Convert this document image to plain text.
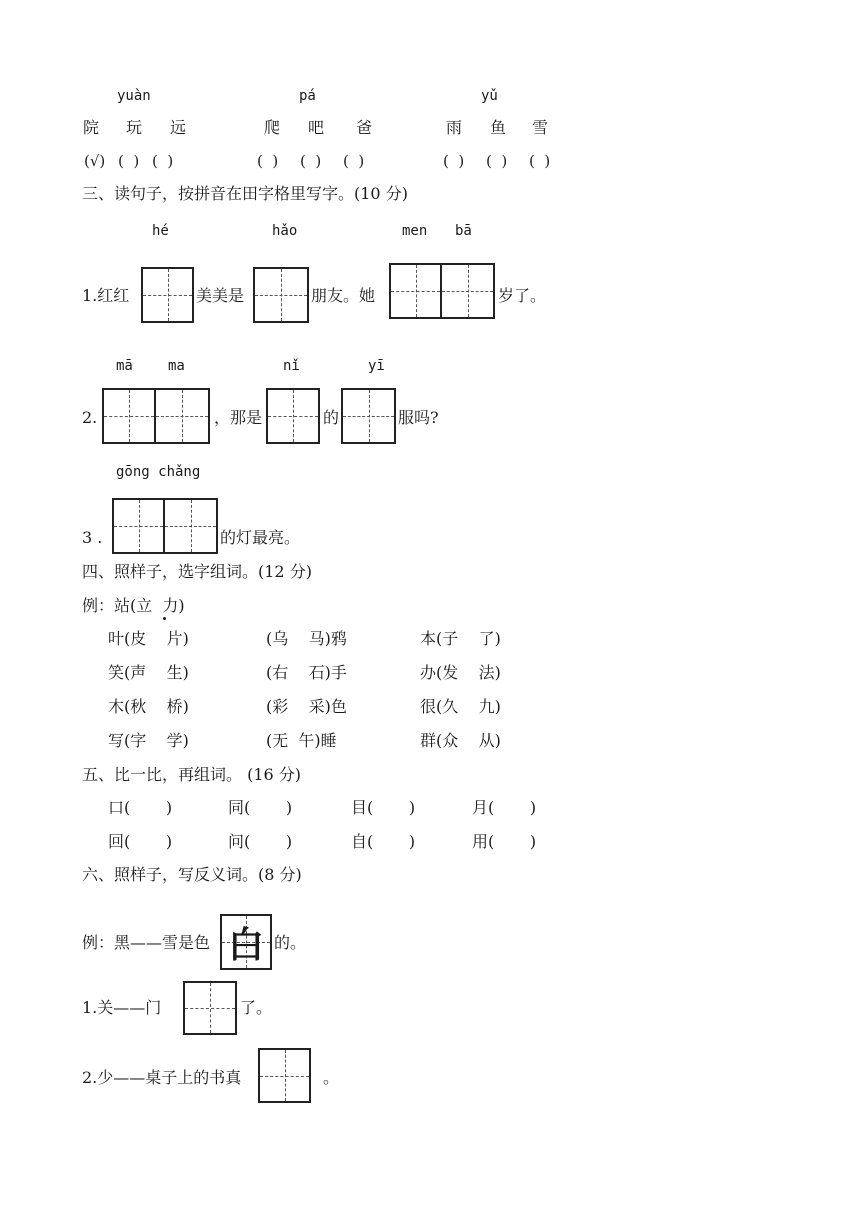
yuàn	pá	yǔ
院 玩 远	爬 吧 爸	雨 鱼 雪
(√) (  ) (  )	(  ) (  ) (  )	(  ) (  ) (  )
三、读句子，按拼音在田字格里写字。(10 分)
hé	hǎo	men bā
1.红红	美美是	朋友。她	岁了。
mā	ma	nǐ	yī
2.	，那是	的	服吗?
gōng chǎng
3 .	的灯最亮。
四、照样子，选字组词。(12 分)
例：站(立  力)
叶(皮    片)	(乌    马)鸦	本(子    了)
笑(声    生)	(右    石)手	办(发    法)
木(秋    桥)	(彩    采)色	很(久    九)
写(字    学)	(无  午)睡	群(众    从)
五、比一比，再组词。 (16 分)
口(       )	同(       )	目(       )	月(       )
回(       )	问(       )	自(       )	用(       )
六、照样子，写反义词。(8 分)
例：黑——雪是色 白 的。
1.关——门	了。
2.少——桌子上的书真	。
